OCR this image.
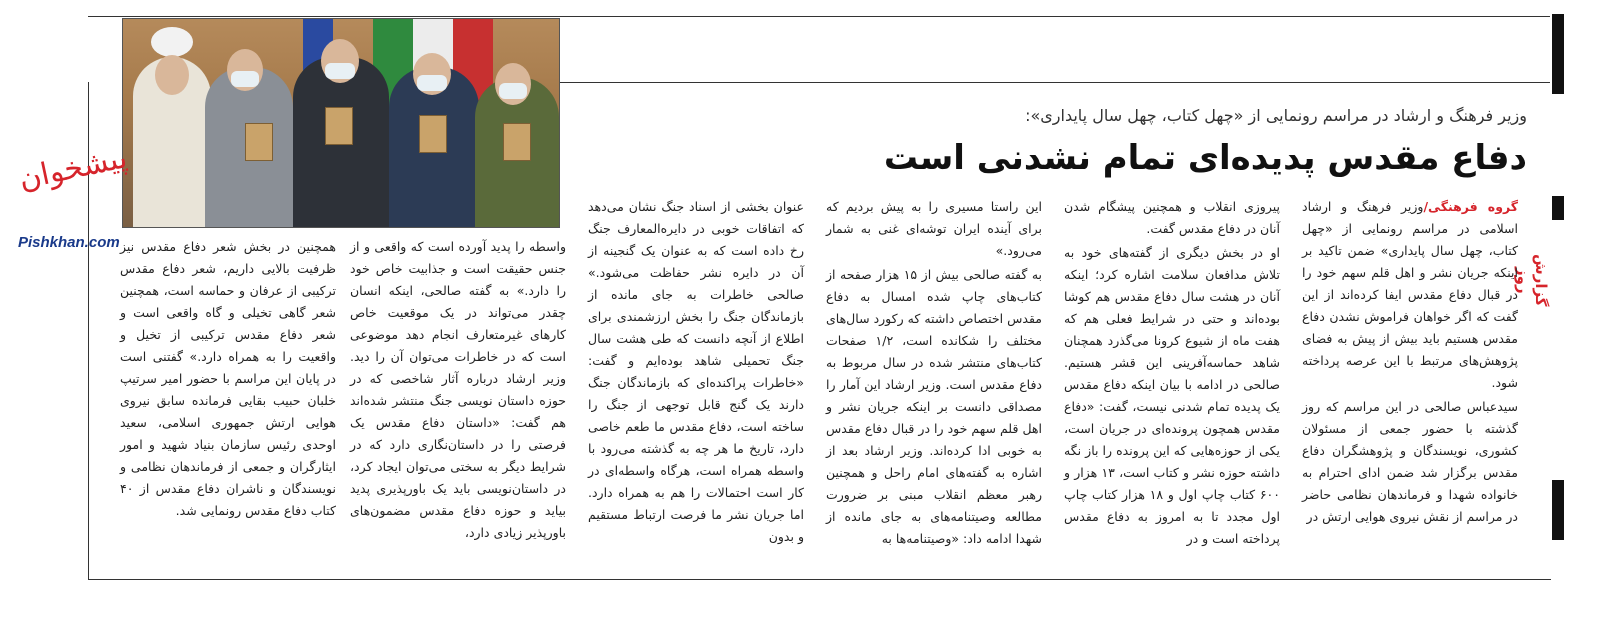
پیشخوان
Pishkhan.com
گزارش روز
وزیر فرهنگ و ارشاد در مراسم رونمایی از «چهل کتاب، چهل سال پایداری»:
دفاع مقدس پدیده‌ای تمام نشدنی است

گروه فرهنگی/وزیر فرهنگ و ارشاد اسلامی در مراسم رونمایی از «چهل کتاب، چهل سال پایداری» ضمن تاکید بر اینکه جریان نشر و اهل قلم سهم خود را در قبال دفاع مقدس ایفا کرده‌اند از این گفت که اگر خواهان فراموش نشدن دفاع مقدس هستیم باید بیش از پیش به فضای پژوهش‌های مرتبط با این عرصه پرداخته شود.

سیدعباس صالحی در این مراسم که روز گذشته با حضور جمعی از مسئولان کشوری، نویسندگان و پژوهشگران دفاع مقدس برگزار شد ضمن ادای احترام به خانواده شهدا و فرماندهان نظامی حاضر در مراسم از نقش نیروی هوایی ارتش در

پیروزی انقلاب و همچنین پیشگام شدن آنان در دفاع مقدس گفت.

او در بخش دیگری از گفته‌های خود به تلاش مدافعان سلامت اشاره کرد؛ اینکه آنان در هشت سال دفاع مقدس هم کوشا بوده‌اند و حتی در شرایط فعلی هم که هفت ماه از شیوع کرونا می‌گذرد همچنان شاهد حماسه‌آفرینی این قشر هستیم. صالحی در ادامه با بیان اینکه دفاع مقدس یک پدیده تمام شدنی نیست، گفت: «دفاع مقدس همچون پرونده‌ای در جریان است، یکی از حوزه‌هایی که این پرونده را باز نگه داشته حوزه نشر و کتاب است، ۱۳ هزار و ۶۰۰ کتاب چاپ اول و ۱۸ هزار کتاب چاپ اول مجدد تا به امروز به دفاع مقدس پرداخته است و در

این راستا مسیری را به پیش بردیم که برای آینده ایران توشه‌ای غنی به شمار می‌رود.»

به گفته صالحی بیش از ۱۵ هزار صفحه از کتاب‌های چاپ شده امسال به دفاع مقدس اختصاص داشته که رکورد سال‌های مختلف را شکانده است، ۱/۲ صفحات کتاب‌های منتشر شده در سال مربوط به دفاع مقدس است. وزیر ارشاد این آمار را مصداقی دانست بر اینکه جریان نشر و اهل قلم سهم خود را در قبال دفاع مقدس به خوبی ادا کرده‌اند. وزیر ارشاد بعد از اشاره به گفته‌های امام راحل و همچنین رهبر معظم انقلاب مبنی بر ضرورت مطالعه وصیتنامه‌های به جای مانده از شهدا ادامه داد: «وصیتنامه‌ها به

عنوان بخشی از اسناد جنگ نشان می‌دهد که اتفاقات خوبی در دایره‌المعارف جنگ رخ داده است که به عنوان یک گنجینه از آن در دایره نشر حفاظت می‌شود.» صالحی خاطرات به جای مانده از بازماندگان جنگ را بخش ارزشمندی برای اطلاع از آنچه دانست که طی هشت سال جنگ تحمیلی شاهد بوده‌ایم و گفت: «خاطرات پراکنده‌ای که بازماندگان جنگ دارند یک گنج قابل توجهی از جنگ را ساخته است، دفاع مقدس ما طعم خاصی دارد، تاریخ ما هر چه به گذشته می‌رود با واسطه همراه است، هرگاه واسطه‌ای در کار است احتمالات را هم به همراه دارد. اما جریان نشر ما فرصت ارتباط مستقیم و بدون

واسطه را پدید آورده است که واقعی و از جنس حقیقت است و جذابیت خاص خود را دارد.» به گفته صالحی، اینکه انسان چقدر می‌تواند در یک موقعیت خاص کارهای غیرمتعارف انجام دهد موضوعی است که در خاطرات می‌توان آن را دید. وزیر ارشاد درباره آثار شاخصی که در حوزه داستان نویسی جنگ منتشر شده‌اند هم گفت: «داستان دفاع مقدس یک فرصتی را در داستان‌نگاری دارد که در شرایط دیگر به سختی می‌توان ایجاد کرد، در داستان‌نویسی باید یک باورپذیری پدید بیاید و حوزه دفاع مقدس مضمون‌های باورپذیر زیادی دارد،

همچنین در بخش شعر دفاع مقدس نیز ظرفیت بالایی داریم، شعر دفاع مقدس ترکیبی از عرفان و حماسه است، همچنین شعر گاهی تخیلی و گاه واقعی است و شعر دفاع مقدس ترکیبی از تخیل و واقعیت را به همراه دارد.» گفتنی است در پایان این مراسم با حضور امیر سرتیپ خلبان حبیب بقایی فرمانده سابق نیروی هوایی ارتش جمهوری اسلامی، سعید اوحدی رئیس سازمان بنیاد شهید و امور ایثارگران و جمعی از فرماندهان نظامی و نویسندگان و ناشران دفاع مقدس از ۴۰ کتاب دفاع مقدس رونمایی شد.
